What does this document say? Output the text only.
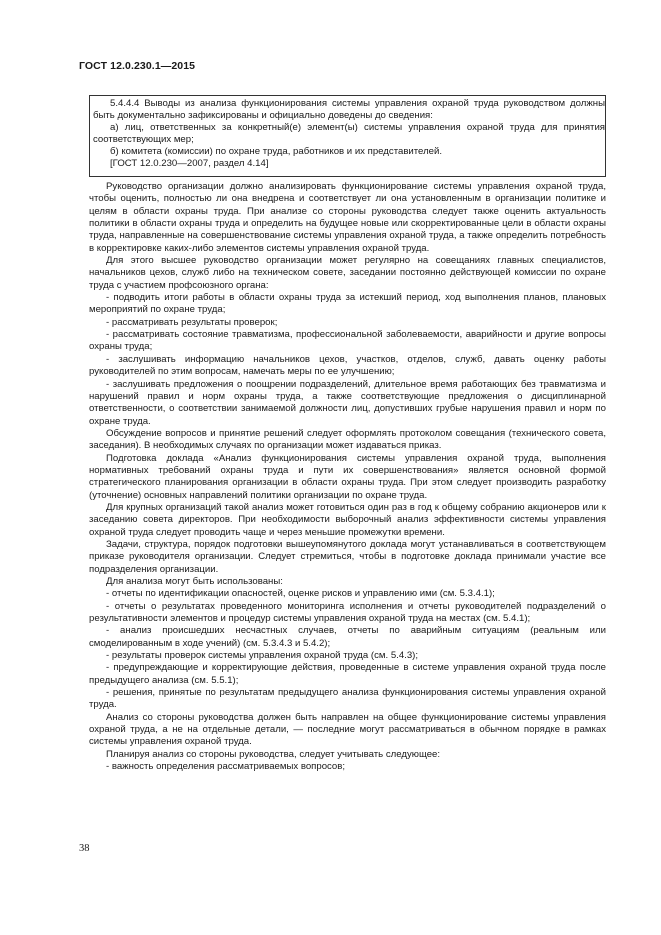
ГОСТ 12.0.230.1—2015

5.4.4.4 Выводы из анализа функционирования системы управления охраной труда руководством должны быть документально зафиксированы и официально доведены до сведения:

а) лиц, ответственных за конкретный(е) элемент(ы) системы управления охраной труда для принятия соответствующих мер;

б) комитета (комиссии) по охране труда, работников и их представителей.

[ГОСТ 12.0.230—2007, раздел 4.14]

Руководство организации должно анализировать функционирование системы управления охраной труда, чтобы оценить, полностью ли она внедрена и соответствует ли она установленным в организации политике и целям в области охраны труда. При анализе со стороны руководства следует также оценить актуальность политики в области охраны труда и определить на будущее новые или скорректированные цели в области охраны труда, направленные на совершенствование системы управления охраной труда, а также определить потребность в корректировке каких-либо элементов системы управления охраной труда.

Для этого высшее руководство организации может регулярно на совещаниях главных специалистов, начальников цехов, служб либо на техническом совете, заседании постоянно действующей комиссии по охране труда с участием профсоюзного органа:

- подводить итоги работы в области охраны труда за истекший период, ход выполнения планов, плановых мероприятий по охране труда;

- рассматривать результаты проверок;

- рассматривать состояние травматизма, профессиональной заболеваемости, аварийности и другие вопросы охраны труда;

- заслушивать информацию начальников цехов, участков, отделов, служб, давать оценку работы руководителей по этим вопросам, намечать меры по ее улучшению;

- заслушивать предложения о поощрении подразделений, длительное время работающих без травматизма и нарушений правил и норм охраны труда, а также соответствующие предложения о дисциплинарной ответственности, о соответствии занимаемой должности лиц, допустивших грубые нарушения правил и норм по охране труда.

Обсуждение вопросов и принятие решений следует оформлять протоколом совещания (технического совета, заседания). В необходимых случаях по организации может издаваться приказ.

Подготовка доклада «Анализ функционирования системы управления охраной труда, выполнения нормативных требований охраны труда и пути их совершенствования» является основной формой стратегического планирования организации в области охраны труда. При этом следует производить разработку (уточнение) основных направлений политики организации по охране труда.

Для крупных организаций такой анализ может готовиться один раз в год к общему собранию акционеров или к заседанию совета директоров. При необходимости выборочный анализ эффективности системы управления охраной труда следует проводить чаще и через меньшие промежутки времени.

Задачи, структура, порядок подготовки вышеупомянутого доклада могут устанавливаться в соответствующем приказе руководителя организации. Следует стремиться, чтобы в подготовке доклада принимали участие все подразделения организации.

Для анализа могут быть использованы:

- отчеты по идентификации опасностей, оценке рисков и управлению ими (см. 5.3.4.1);

- отчеты о результатах проведенного мониторинга исполнения и отчеты руководителей подразделений о результативности элементов и процедур системы управления охраной труда на местах (см. 5.4.1);

- анализ происшедших несчастных случаев, отчеты по аварийным ситуациям (реальным или смоделированным в ходе учений) (см. 5.3.4.3 и 5.4.2);

- результаты проверок системы управления охраной труда (см. 5.4.3);

- предупреждающие и корректирующие действия, проведенные в системе управления охраной труда после предыдущего анализа (см. 5.5.1);

- решения, принятые по результатам предыдущего анализа функционирования системы управления охраной труда.

Анализ со стороны руководства должен быть направлен на общее функционирование системы управления охраной труда, а не на отдельные детали, — последние могут рассматриваться в обычном порядке в рамках системы управления охраной труда.

Планируя анализ со стороны руководства, следует учитывать следующее:

- важность определения рассматриваемых вопросов;

38
